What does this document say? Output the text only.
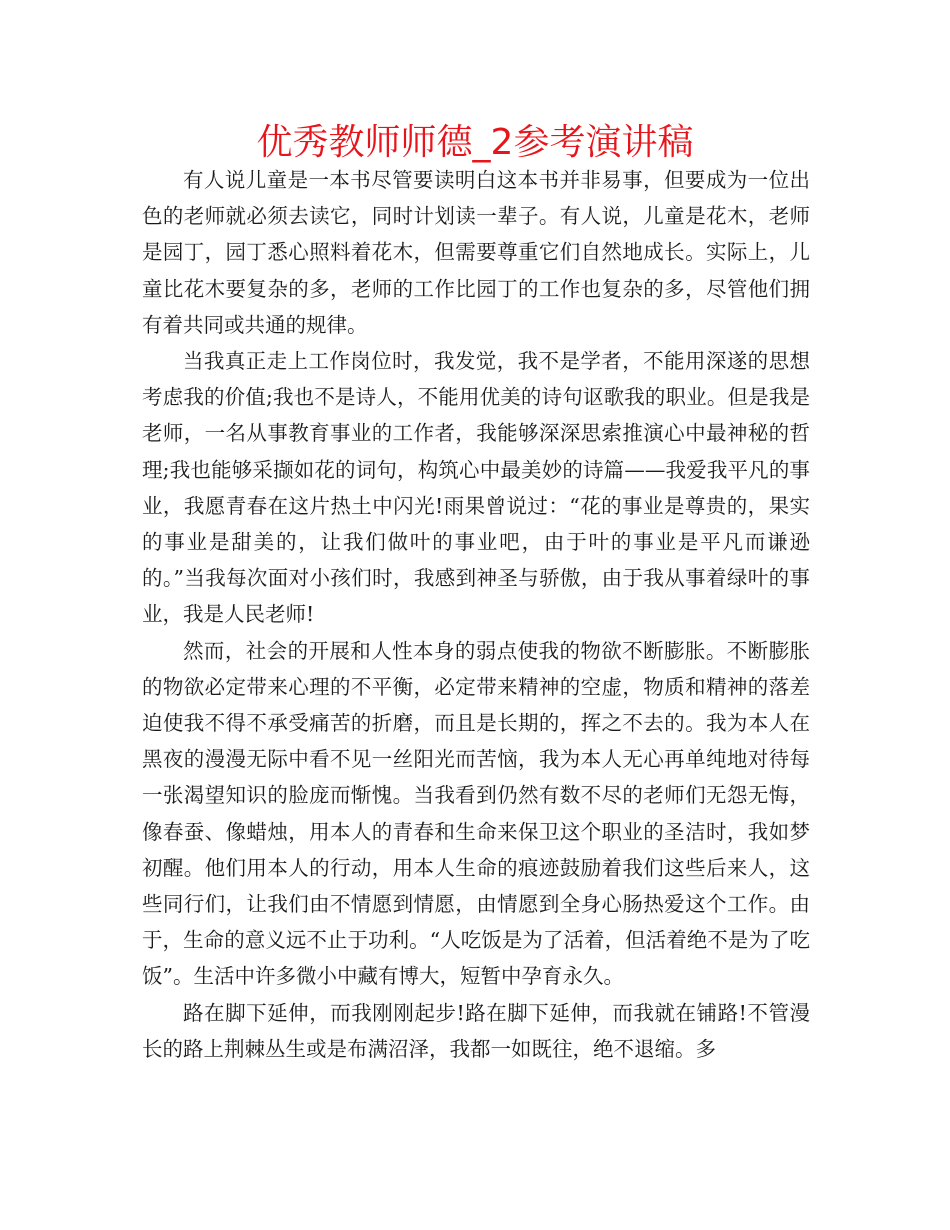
优秀教师师德_2参考演讲稿

有人说儿童是一本书尽管要读明白这本书并非易事，但要成为一位出色的老师就必须去读它，同时计划读一辈子。有人说，儿童是花木，老师是园丁，园丁悉心照料着花木，但需要尊重它们自然地成长。实际上，儿童比花木要复杂的多，老师的工作比园丁的工作也复杂的多，尽管他们拥有着共同或共通的规律。

当我真正走上工作岗位时，我发觉，我不是学者，不能用深遂的思想考虑我的价值;我也不是诗人，不能用优美的诗句讴歌我的职业。但是我是老师，一名从事教育事业的工作者，我能够深深思索推演心中最神秘的哲理;我也能够采撷如花的词句，构筑心中最美妙的诗篇——我爱我平凡的事业，我愿青春在这片热土中闪光!雨果曾说过：“花的事业是尊贵的，果实的事业是甜美的，让我们做叶的事业吧，由于叶的事业是平凡而谦逊的。”当我每次面对小孩们时，我感到神圣与骄傲，由于我从事着绿叶的事业，我是人民老师!

然而，社会的开展和人性本身的弱点使我的物欲不断膨胀。不断膨胀的物欲必定带来心理的不平衡，必定带来精神的空虚，物质和精神的落差迫使我不得不承受痛苦的折磨，而且是长期的，挥之不去的。我为本人在黑夜的漫漫无际中看不见一丝阳光而苦恼，我为本人无心再单纯地对待每一张渴望知识的脸庞而惭愧。当我看到仍然有数不尽的老师们无怨无悔，像春蚕、像蜡烛，用本人的青春和生命来保卫这个职业的圣洁时，我如梦初醒。他们用本人的行动，用本人生命的痕迹鼓励着我们这些后来人，这些同行们，让我们由不情愿到情愿，由情愿到全身心肠热爱这个工作。由于，生命的意义远不止于功利。“人吃饭是为了活着，但活着绝不是为了吃饭”。生活中许多微小中藏有博大，短暂中孕育永久。

路在脚下延伸，而我刚刚起步!路在脚下延伸，而我就在铺路!不管漫长的路上荆棘丛生或是布满沼泽，我都一如既往，绝不退缩。多
